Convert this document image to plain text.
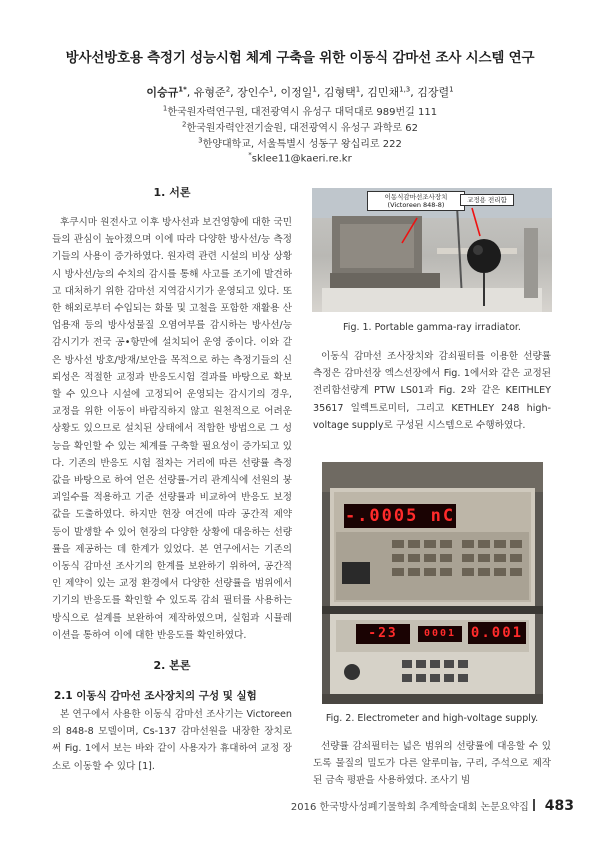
방사선방호용 측정기 성능시험 체계 구축을 위한 이동식 감마선 조사 시스템 연구
이승규$^{1*}$, 유형준$^2$, 장인수$^1$, 이정일$^1$, 김형택$^1$, 김민채$^{1,3}$, 김장렬$^1$
$^1$한국원자력연구원, 대전광역시 유성구 대덕대로 989번길 111
$^2$한국원자력안전기술원, 대전광역시 유성구 과학로 62
$^3$한양대학교, 서울특별시 성동구 왕십리로 222
*sklee11@kaeri.re.kr
1. 서론

후쿠시마 원전사고 이후 방사선과 보건영향에 대한 국민들의 관심이 높아졌으며 이에 따라 다양한 방사선/능 측정기들의 사용이 증가하였다. 원자력 관련 시설의 비상 상황 시 방사선/능의 수치의 감시를 통해 사고를 조기에 발견하고 대처하기 위한 감마선 지역감시기가 운영되고 있다. 또한 해외로부터 수입되는 화물 및 고철을 포함한 재활용 산업용재 등의 방사성물질 오염여부를 감시하는 방사선/능 감시기가 전국 공•항만에 설치되어 운영 중이다. 이와 같은 방사선 방호/방재/보안을 목적으로 하는 측정기들의 신뢰성은 적절한 교정과 반응도시험 결과를 바탕으로 확보할 수 있으나 시설에 고정되어 운영되는 감시기의 경우, 교정을 위한 이동이 바람직하지 않고 원천적으로 어려운 상황도 있으므로 설치된 상태에서 적합한 방법으로 그 성능을 확인할 수 있는 체계를 구축할 필요성이 증가되고 있다. 기존의 반응도 시험 절차는 거리에 따른 선량률 측정값을 바탕으로 하여 얻은 선량률-거리 관계식에 선원의 붕괴일수를 적용하고 기준 선량률과 비교하여 반응도 보정값을 도출하였다. 하지만 현장 여건에 따라 공간적 제약 등이 발생할 수 있어 현장의 다양한 상황에 대응하는 선량률을 제공하는 데 한계가 있었다. 본 연구에서는 기존의 이동식 감마선 조사기의 한계를 보완하기 위하여, 공간적인 제약이 있는 교정 환경에서 다양한 선량률을 범위에서 기기의 반응도를 확인할 수 있도록 감쇠 필터를 사용하는 방식으로 설계를 보완하여 제작하였으며, 실험과 시뮬레이션을 통하여 이에 대한 반응도를 확인하였다.

2. 본론
2.1 이동식 감마선 조사장치의 구성 및 실험

본 연구에서 사용한 이동식 감마선 조사기는 Victoreen의 848-8 모델이며, Cs-137 감마선원을 내장한 장치로써 Fig. 1에서 보는 바와 같이 사용자가 휴대하여 교정 장소로 이동할 수 있다 [1].

이동식감마선조사장치
(Victoreen 848-8)
교정용 전리함
Fig. 1. Portable gamma-ray irradiator.

이동식 감마선 조사장치와 감쇠필터를 이용한 선량률 측정은 감마선장 엑스선장에서 Fig. 1에서와 같은 교정된 전리함선량계 PTW LS01과 Fig. 2와 같은 KEITHLEY 35617 일렉트로미터, 그리고 KETHLEY 248 high-voltage supply로 구성된 시스템으로 수행하였다.

-.0005 nC
-23	0001	0.001
Fig. 2. Electrometer and high-voltage supply.

선량률 감쇠필터는 넓은 범위의 선량률에 대응할 수 있도록 물질의 밀도가 다른 알루미늄, 구리, 주석으로 제작된 금속 평판을 사용하였다. 조사기 빔

2016 한국방사성폐기물학회 추계학술대회 논문요약집 483
